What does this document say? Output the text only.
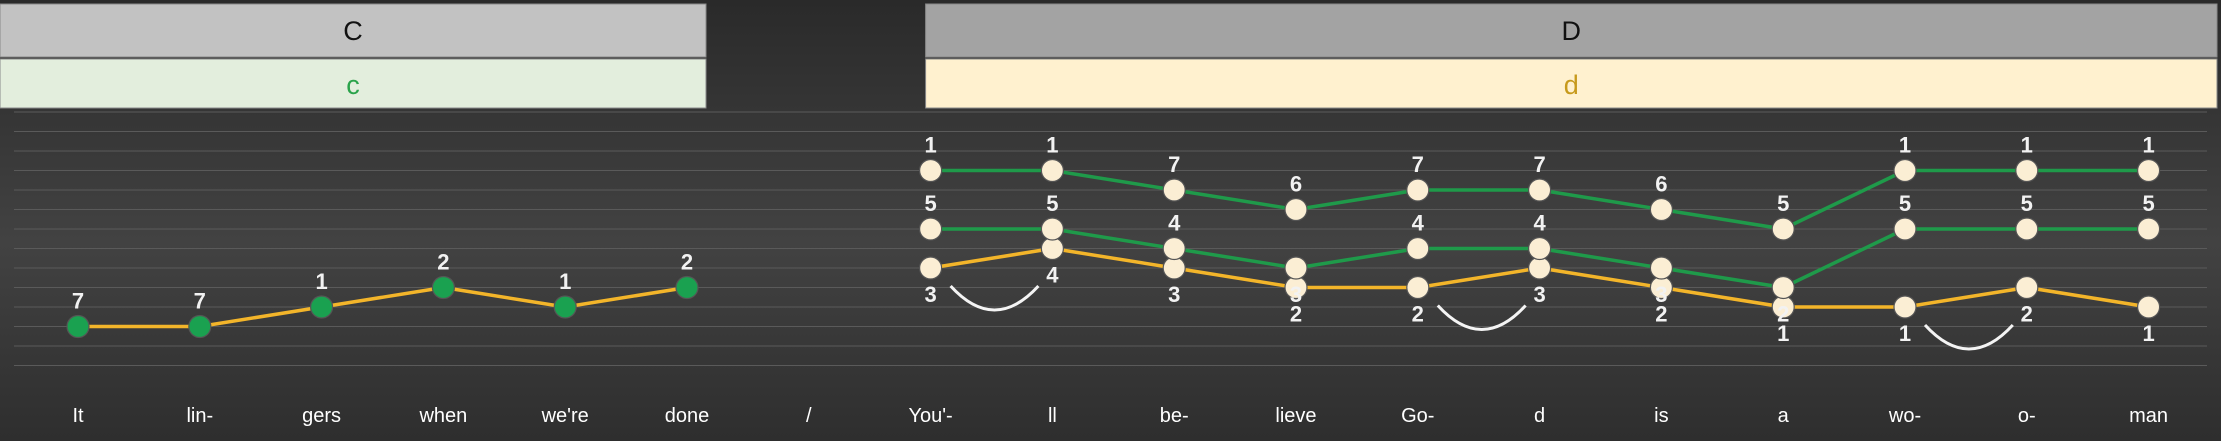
C
c
D
d
7	7
1
2
1
2
3
4
3
2	2
3
2
1	1
2
1
5	5
4
3
4	4
3
2
5	5	5
1	1
7
6
7	7
6
5
1	1	1
It	lin-	gers	when	we're	done	/	You'-	ll	be-	lieve	Go-	d	is	a	wo-	o-	man
